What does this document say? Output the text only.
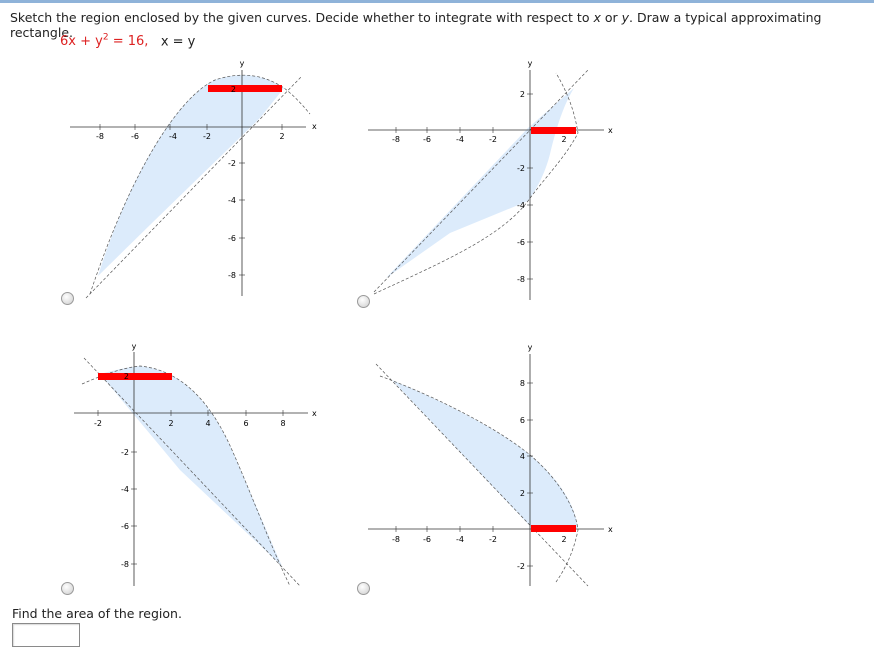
Sketch the region enclosed by the given curves. Decide whether to integrate with respect to x or y. Draw a typical approximating rectangle.
$6x + y^2 = 16$, x = y
y
x
-8	-6	-4	-2	2
2
-2
-4
-6
-8
y
x
-8	-6	-4	-2	2
2
-2
-4
-6
-8
y
x
-2	2	4	6	8
2
-2
-4
-6
-8
y
x
-8	-6	-4	-2	2
8
6
4
2
-2
Find the area of the region.
